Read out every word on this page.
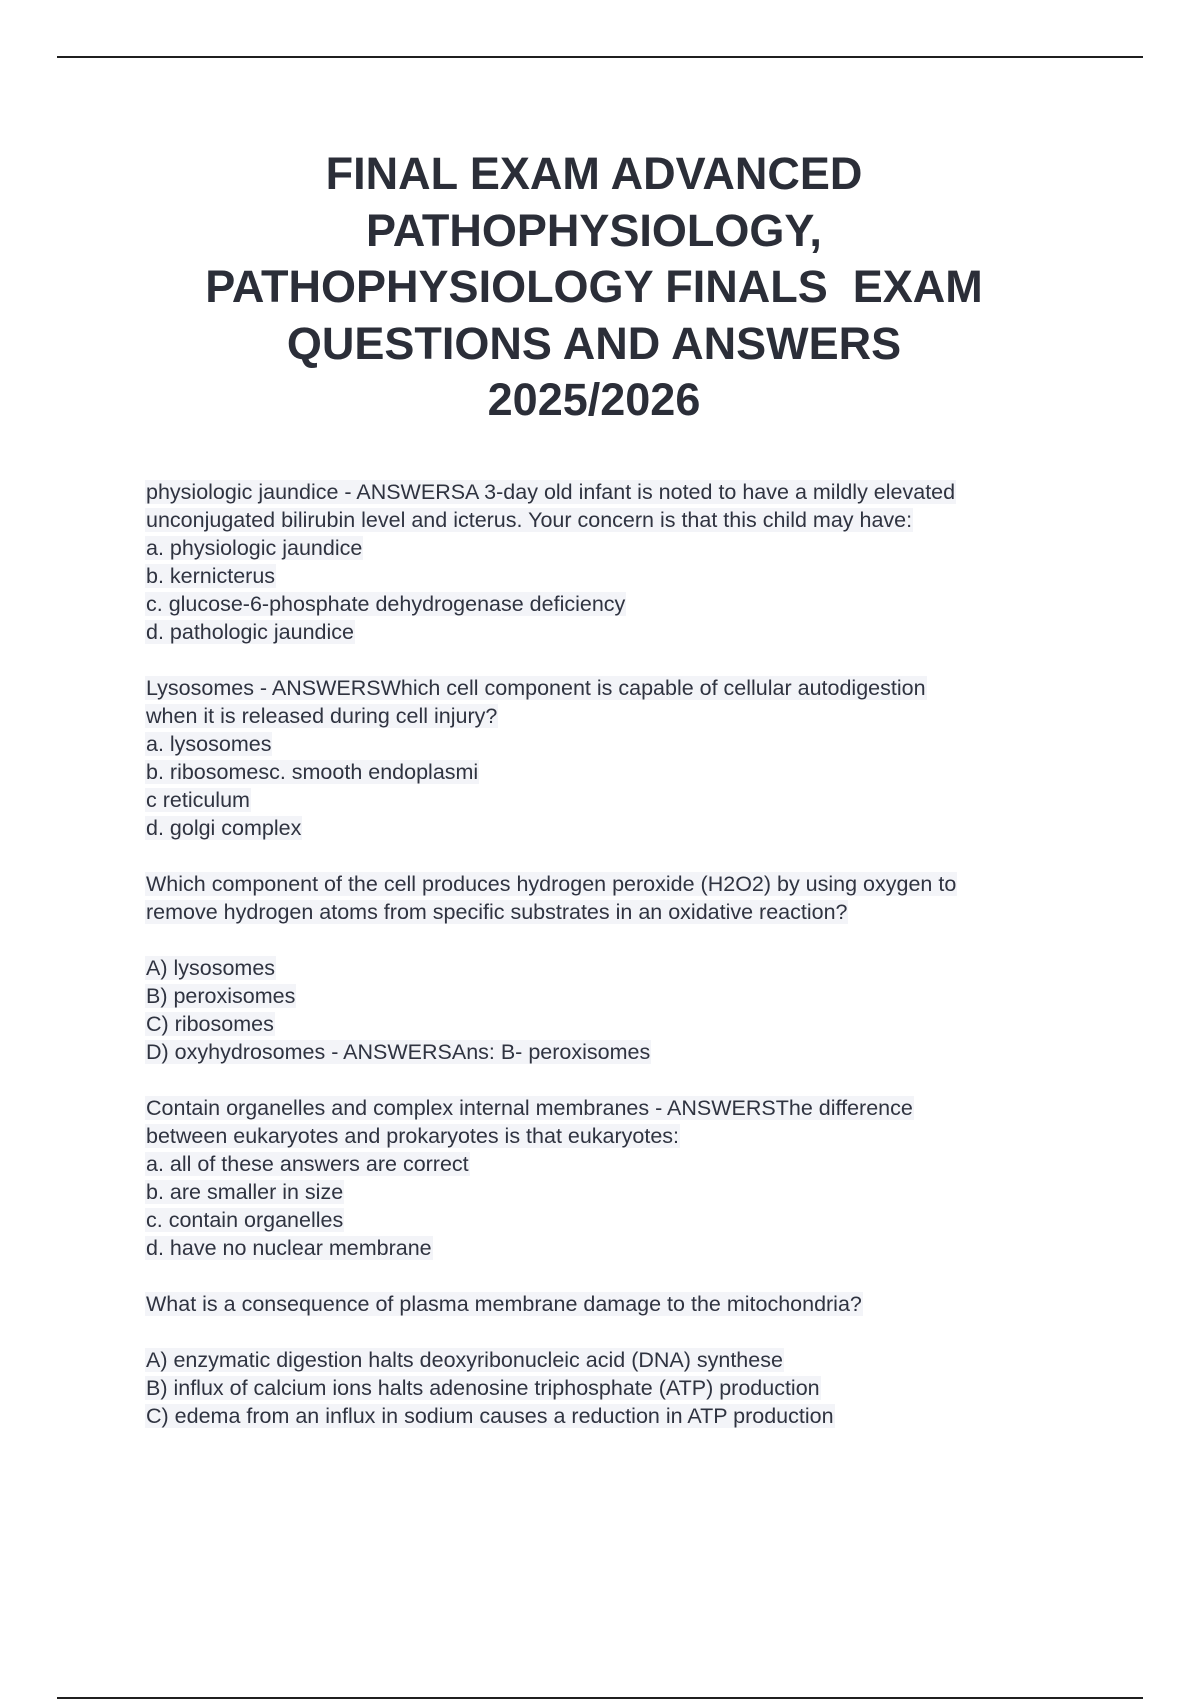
FINAL EXAM ADVANCED
PATHOPHYSIOLOGY,
PATHOPHYSIOLOGY FINALS  EXAM
QUESTIONS AND ANSWERS
2025/2026
physiologic jaundice - ANSWERSA 3-day old infant is noted to have a mildly elevated
unconjugated bilirubin level and icterus. Your concern is that this child may have:
a. physiologic jaundice
b. kernicterus
c. glucose-6-phosphate dehydrogenase deficiency
d. pathologic jaundice
Lysosomes - ANSWERSWhich cell component is capable of cellular autodigestion
when it is released during cell injury?
a. lysosomes
b. ribosomesc. smooth endoplasmi
c reticulum
d. golgi complex
Which component of the cell produces hydrogen peroxide (H2O2) by using oxygen to
remove hydrogen atoms from specific substrates in an oxidative reaction?
A) lysosomes
B) peroxisomes
C) ribosomes
D) oxyhydrosomes - ANSWERSAns: B- peroxisomes
Contain organelles and complex internal membranes - ANSWERSThe difference
between eukaryotes and prokaryotes is that eukaryotes:
a. all of these answers are correct
b. are smaller in size
c. contain organelles
d. have no nuclear membrane
What is a consequence of plasma membrane damage to the mitochondria?
A) enzymatic digestion halts deoxyribonucleic acid (DNA) synthese
B) influx of calcium ions halts adenosine triphosphate (ATP) production
C) edema from an influx in sodium causes a reduction in ATP production
